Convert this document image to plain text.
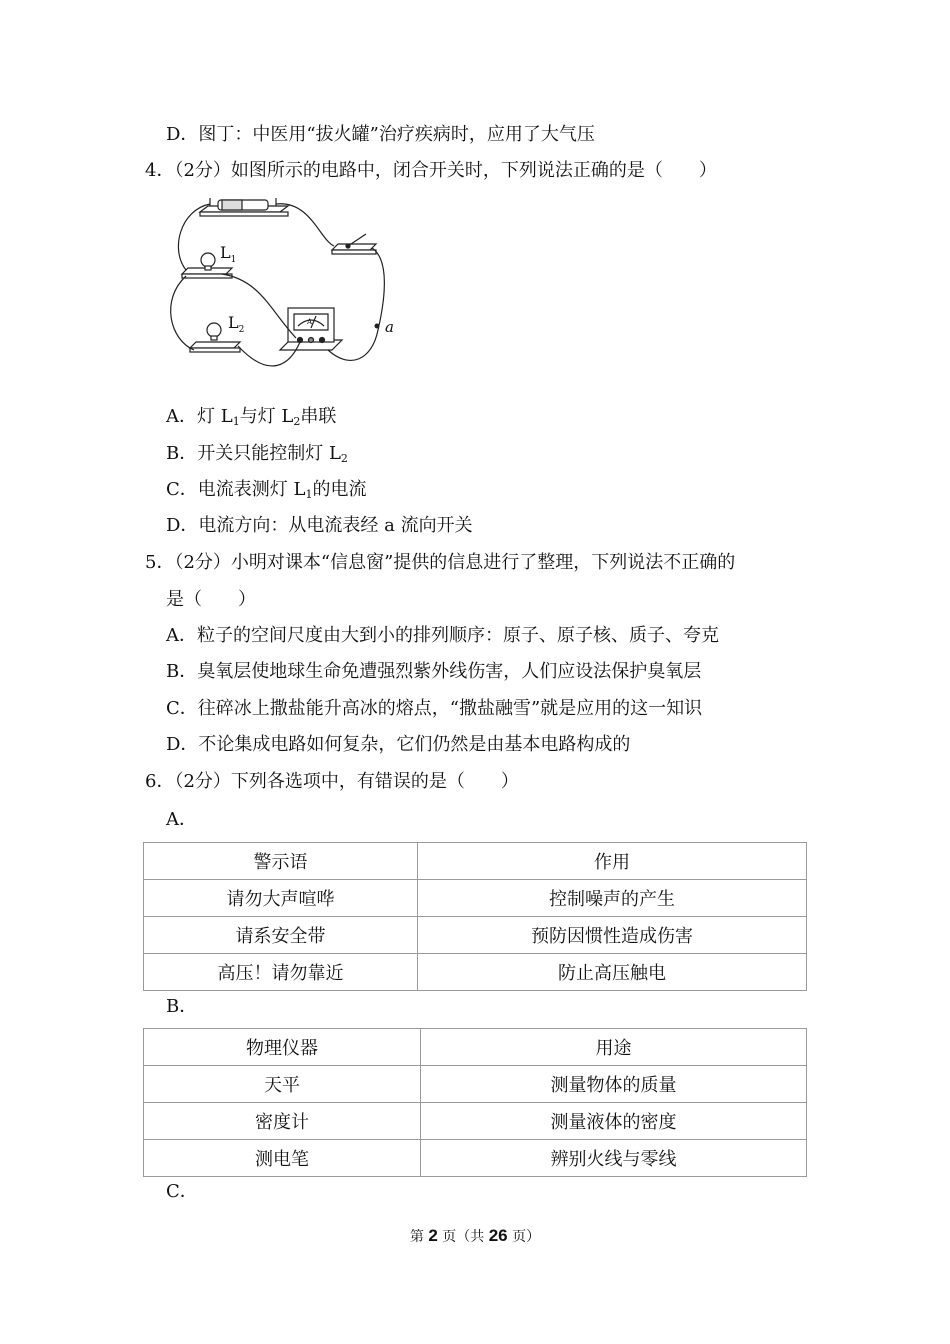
D．图丁：中医用“拔火罐”治疗疾病时，应用了大气压
4．（2分）如图所示的电路中，闭合开关时，下列说法正确的是（　　）
$L_1$
$L_2$	a
A
A．灯 $L_1$与灯 $L_2$串联
B．开关只能控制灯 $L_2$
C．电流表测灯 $L_1$的电流
D．电流方向：从电流表经 a 流向开关
5．（2分）小明对课本“信息窗”提供的信息进行了整理，下列说法不正确的
是（　　）
A．粒子的空间尺度由大到小的排列顺序：原子、原子核、质子、夸克
B．臭氧层使地球生命免遭强烈紫外线伤害，人们应设法保护臭氧层
C．往碎冰上撒盐能升高冰的熔点，“撒盐融雪”就是应用的这一知识
D．不论集成电路如何复杂，它们仍然是由基本电路构成的
6．（2分）下列各选项中，有错误的是（　　）
A．
警示语	作用
请勿大声喧哗	控制噪声的产生
请系安全带	预防因惯性造成伤害
高压！请勿靠近	防止高压触电
B．
物理仪器	用途
天平	测量物体的质量
密度计	测量液体的密度
测电笔	辨别火线与零线
C．
第 2 页（共 26 页）
